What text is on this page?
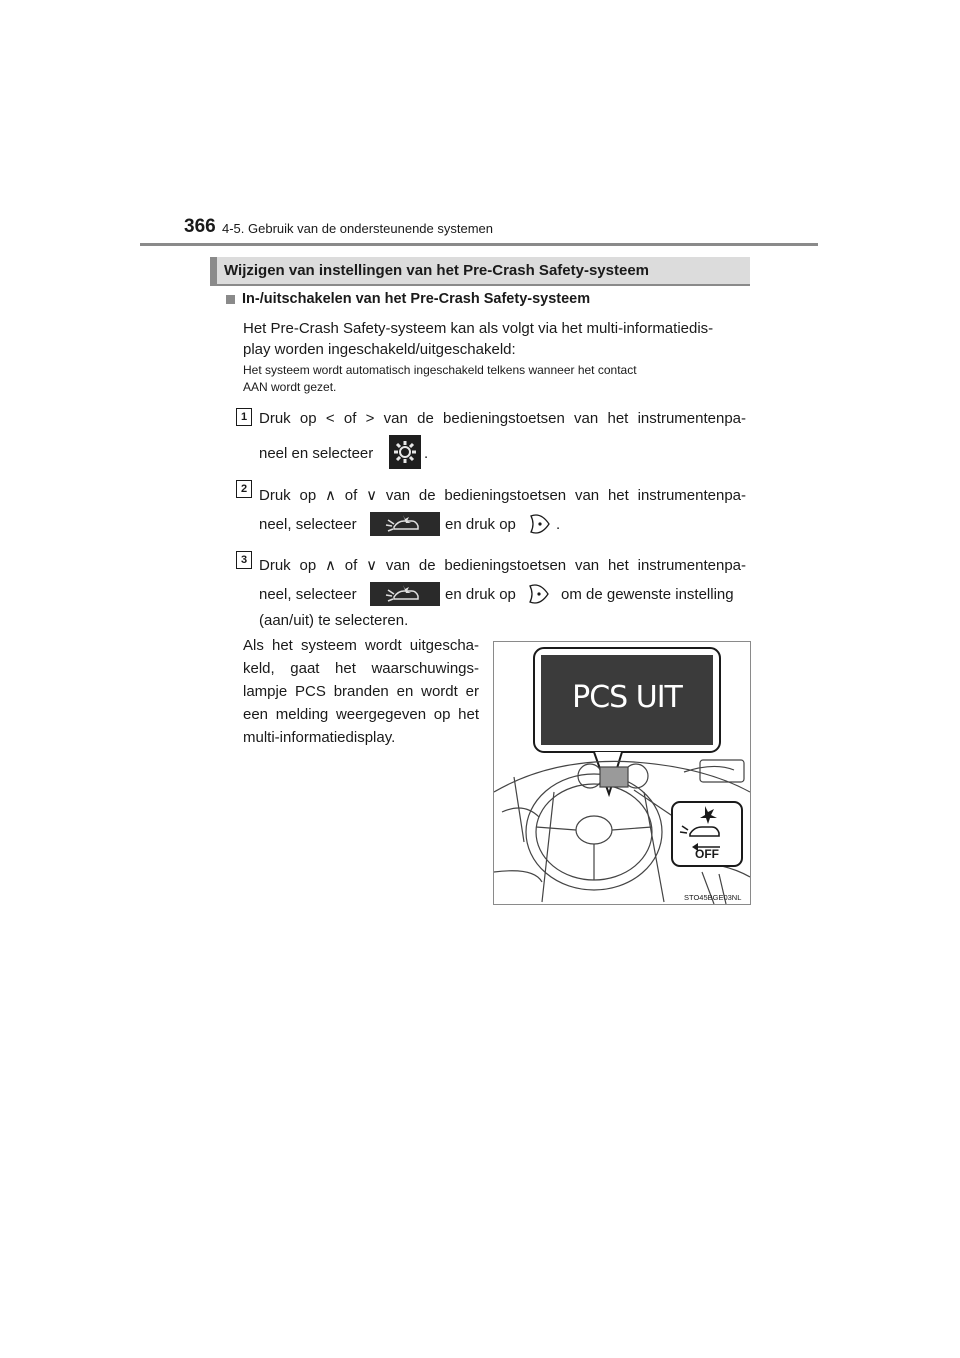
366 4-5. Gebruik van de ondersteunende systemen
Wijzigen van instellingen van het Pre-Crash Safety-systeem
In-/uitschakelen van het Pre-Crash Safety-systeem
Het Pre-Crash Safety-systeem kan als volgt via het multi-informatiedis-
play worden ingeschakeld/uitgeschakeld:
Het systeem wordt automatisch ingeschakeld telkens wanneer het contact
AAN wordt gezet.
1 Druk op < of > van de bedieningstoetsen van het instrumentenpa-
neel en selecteer	.
2 Druk op ∧ of ∨ van de bedieningstoetsen van het instrumentenpa-
neel, selecteer	en druk op	.
3 Druk op ∧ of ∨ van de bedieningstoetsen van het instrumentenpa-
neel, selecteer	en druk op	om de gewenste instelling
(aan/uit) te selecteren.
Als het systeem wordt uitgescha-
keld, gaat het waarschuwings-
lampje PCS branden en wordt er
een melding weergegeven op het
multi-informatiedisplay.
PCS UIT
OFF
STO45BGE03NL
